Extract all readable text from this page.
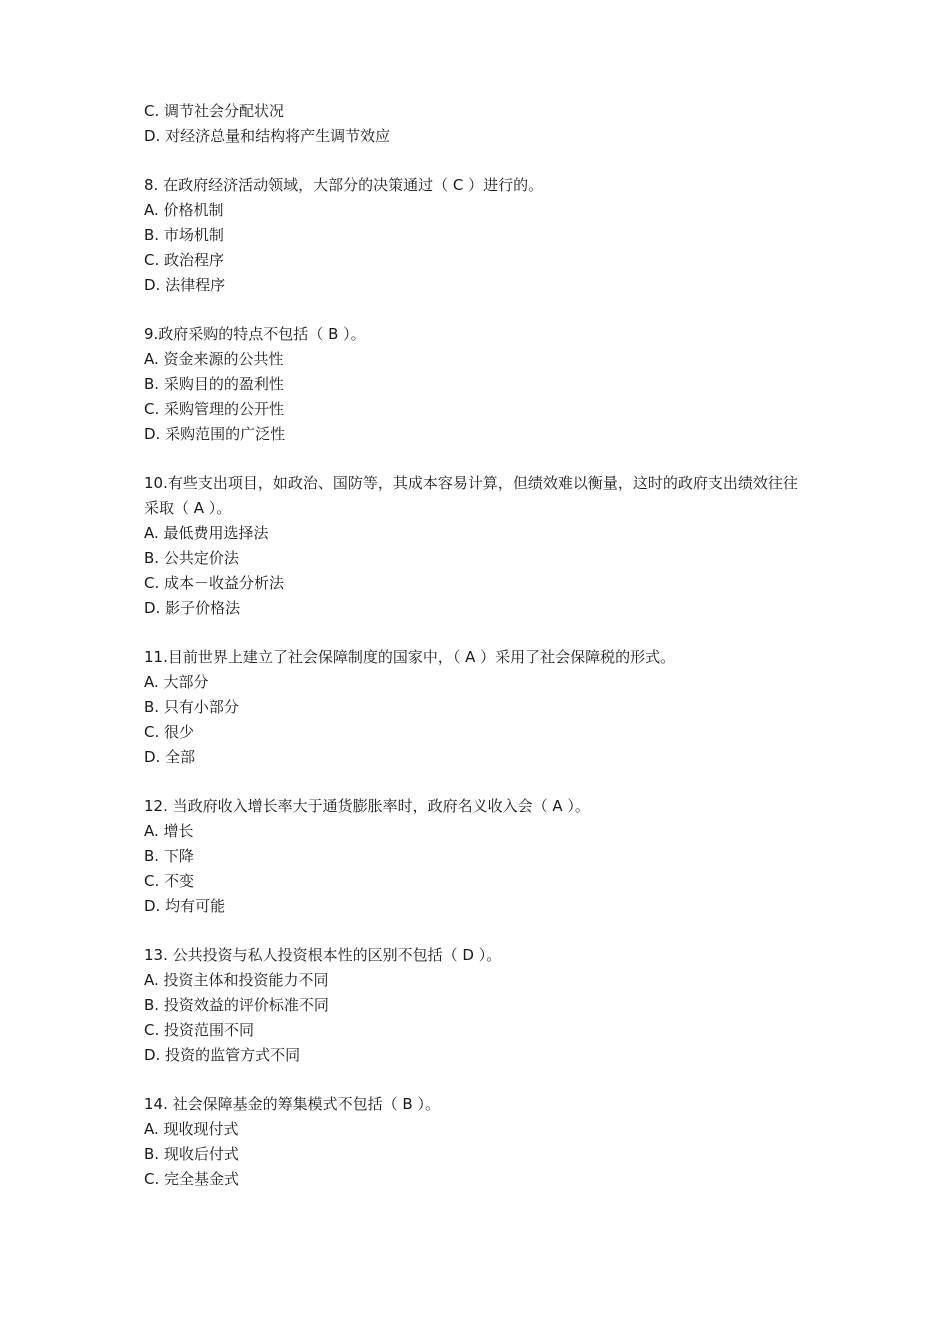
C. 调节社会分配状况
D. 对经济总量和结构将产生调节效应
8. 在政府经济活动领域，大部分的决策通过（ C ）进行的。
A. 价格机制
B. 市场机制
C. 政治程序
D. 法律程序
9.政府采购的特点不包括（ B ）。
A. 资金来源的公共性
B. 采购目的的盈利性
C. 采购管理的公开性
D. 采购范围的广泛性
10.有些支出项目，如政治、国防等，其成本容易计算，但绩效难以衡量，这时的政府支出绩效往往采取（ A ）。
A. 最低费用选择法
B. 公共定价法
C. 成本－收益分析法
D. 影子价格法
11.目前世界上建立了社会保障制度的国家中，（ A ）采用了社会保障税的形式。
A. 大部分
B. 只有小部分
C. 很少
D. 全部
12. 当政府收入增长率大于通货膨胀率时，政府名义收入会（ A ）。
A. 增长
B. 下降
C. 不变
D. 均有可能
13. 公共投资与私人投资根本性的区别不包括（ D ）。
A. 投资主体和投资能力不同
B. 投资效益的评价标准不同
C. 投资范围不同
D. 投资的监管方式不同
14. 社会保障基金的筹集模式不包括（ B ）。
A. 现收现付式
B. 现收后付式
C. 完全基金式
